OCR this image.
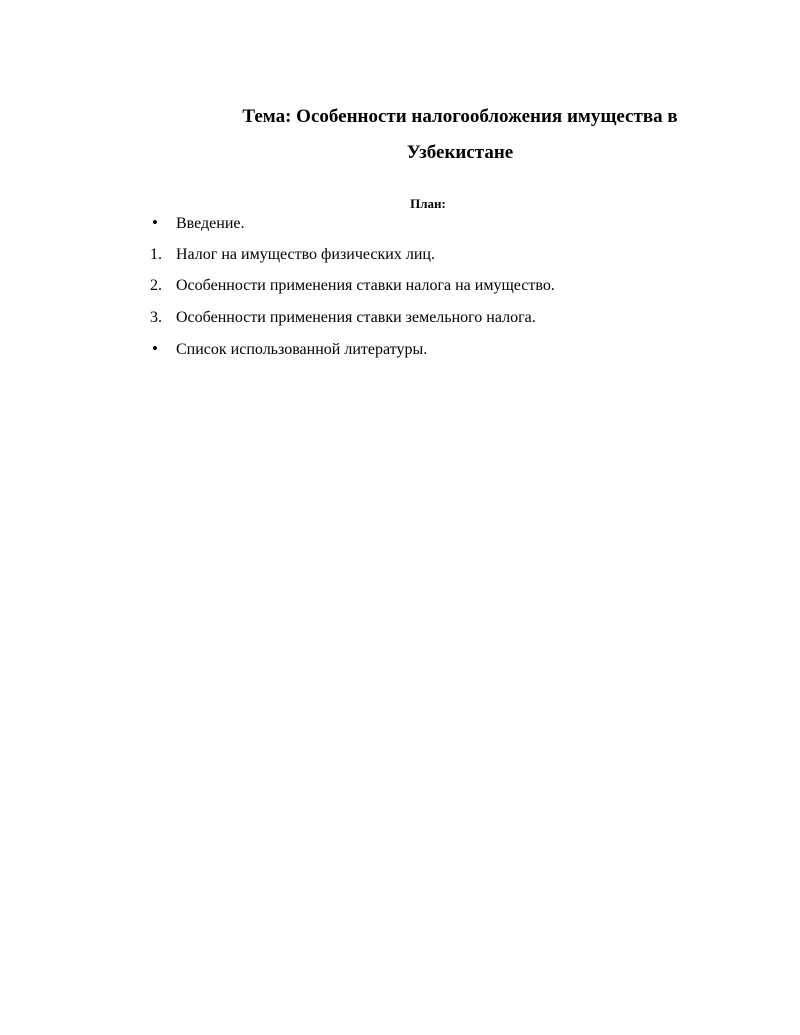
Тема: Особенности налогообложения имущества в
Узбекистане
План:
•	Введение.
1. Налог на имущество физических лиц.
2. Особенности применения ставки налога на имущество.
3. Особенности применения ставки земельного налога.
•	Список использованной литературы.
